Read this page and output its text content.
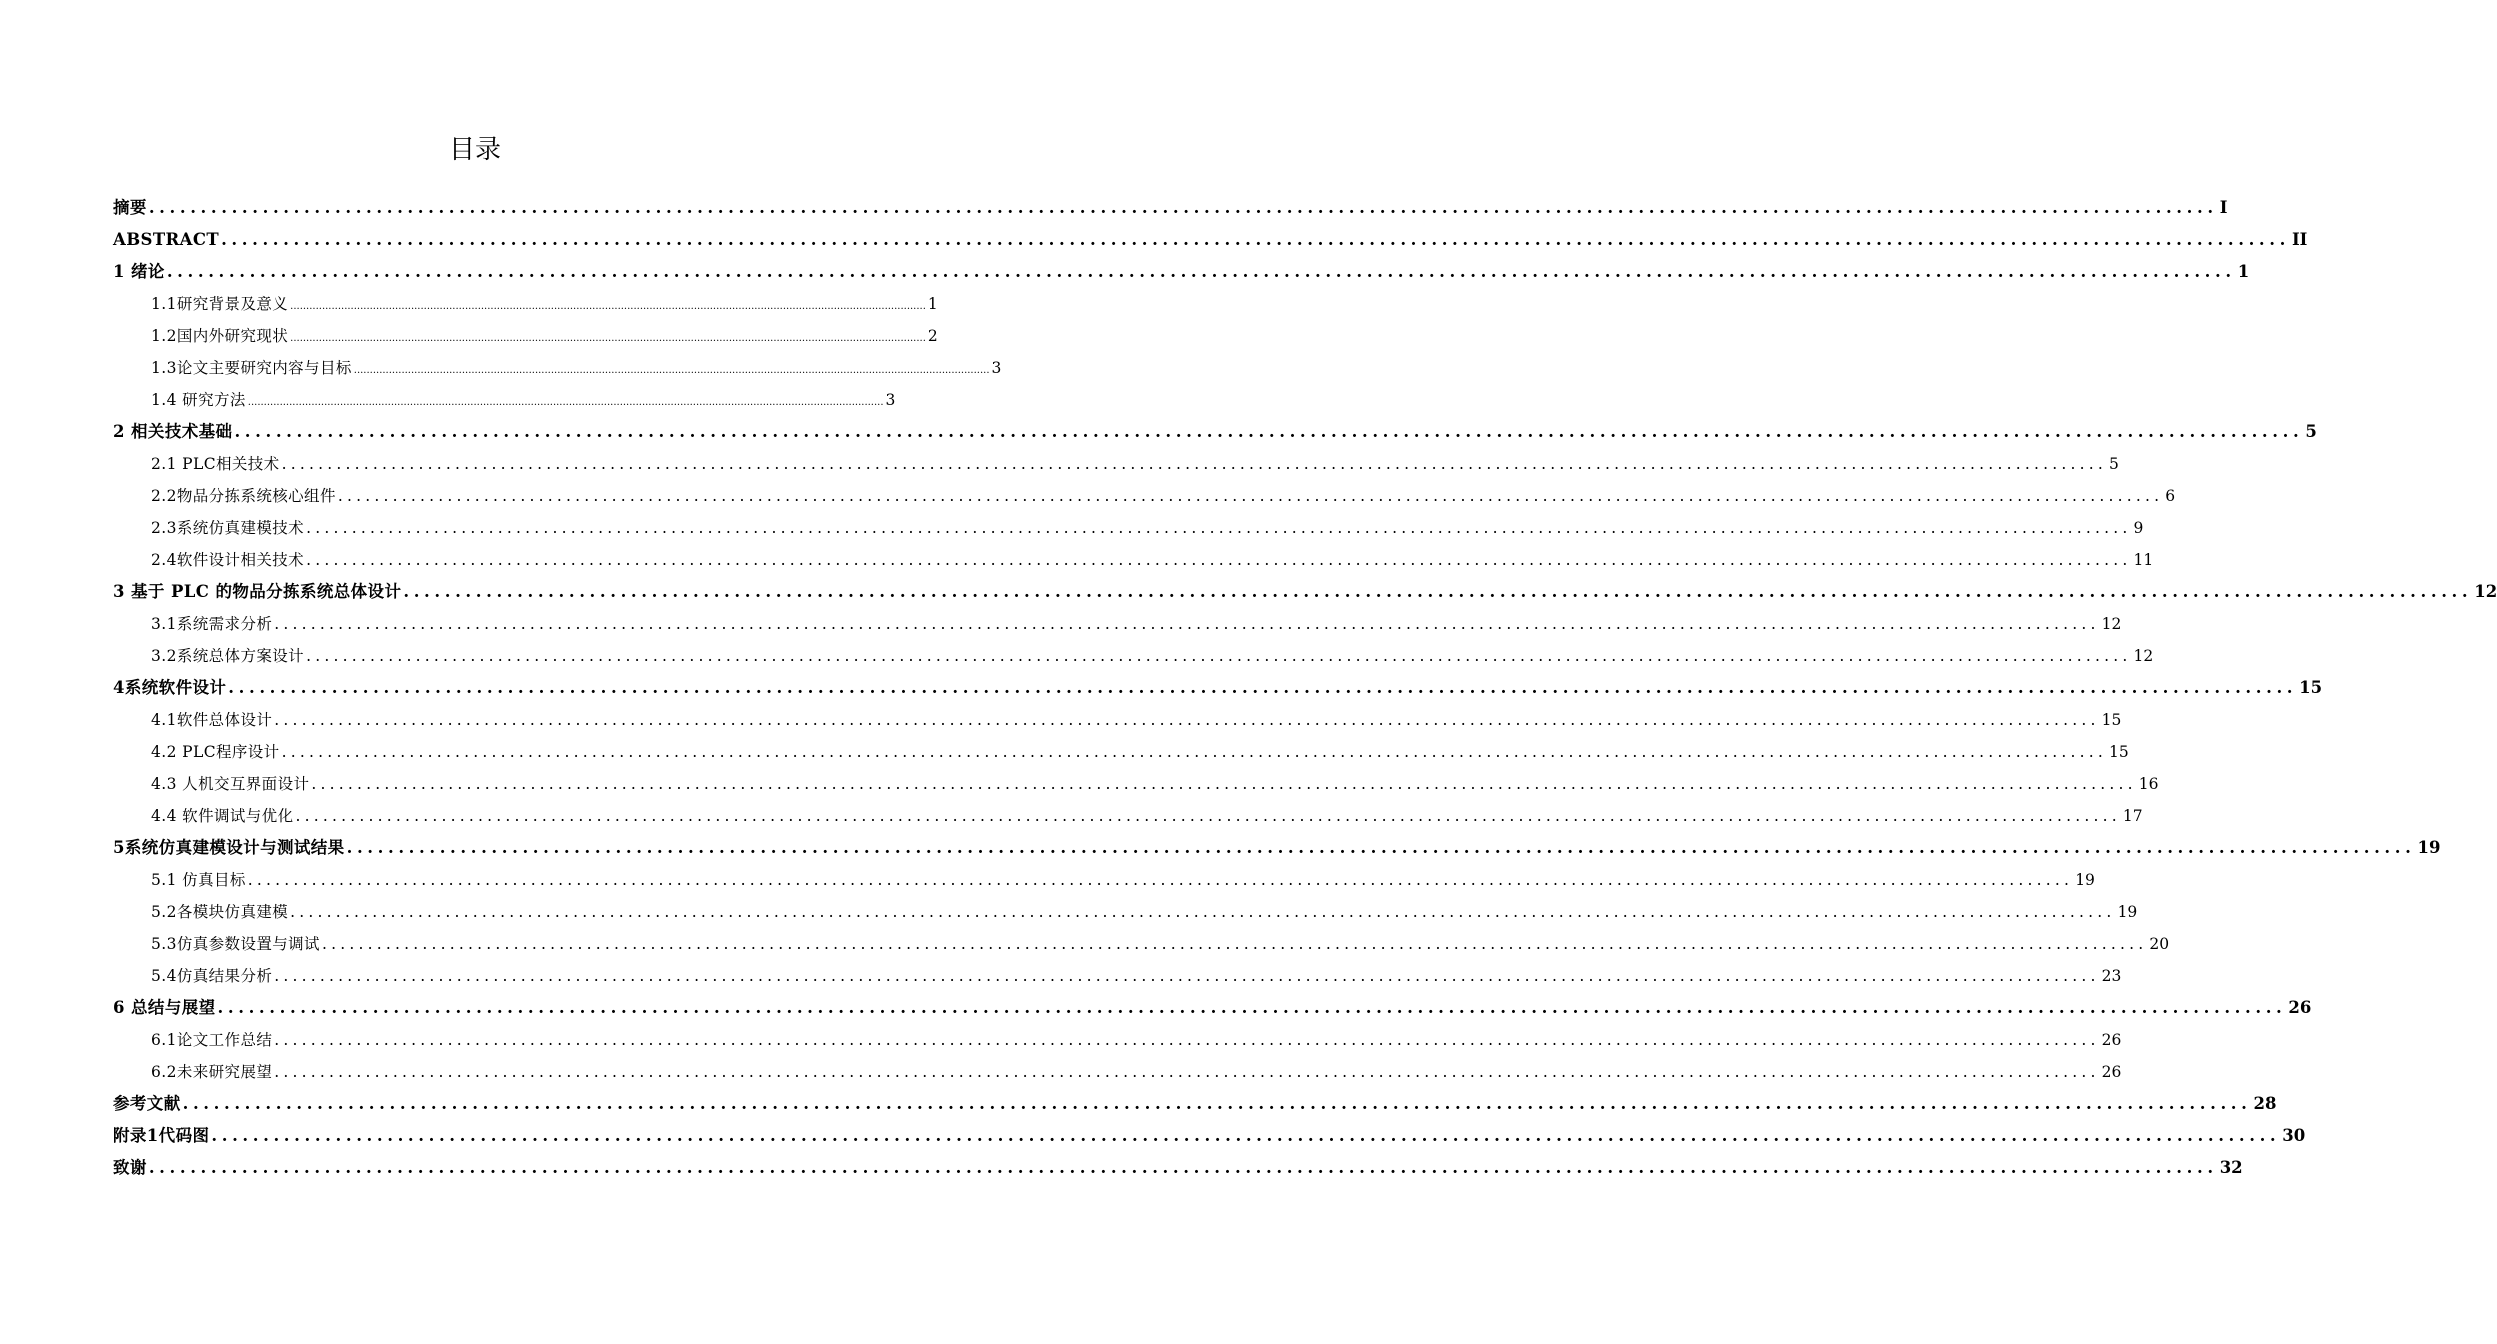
目录
摘要 ........................................................................................................................................................................................................ I
ABSTRACT ........................................................................................................................................................................................................ II
1 绪论 ........................................................................................................................................................................................................ 1
1.1研究背景及意义 ........................................................................................................................................................................................................ 1
1.2国内外研究现状 ........................................................................................................................................................................................................ 2
1.3论文主要研究内容与目标 ........................................................................................................................................................................................................ 3
1.4 研究方法 ........................................................................................................................................................................................................ 3
2 相关技术基础 ........................................................................................................................................................................................................ 5
2.1 PLC相关技术 ........................................................................................................................................................................................................ 5
2.2物品分拣系统核心组件 ........................................................................................................................................................................................................ 6
2.3系统仿真建模技术 ........................................................................................................................................................................................................ 9
2.4软件设计相关技术 ........................................................................................................................................................................................................ 11
3 基于 PLC 的物品分拣系统总体设计 ........................................................................................................................................................................................................ 12
3.1系统需求分析 ........................................................................................................................................................................................................ 12
3.2系统总体方案设计 ........................................................................................................................................................................................................ 12
4系统软件设计 ........................................................................................................................................................................................................ 15
4.1软件总体设计 ........................................................................................................................................................................................................ 15
4.2 PLC程序设计 ........................................................................................................................................................................................................ 15
4.3 人机交互界面设计 ........................................................................................................................................................................................................ 16
4.4 软件调试与优化 ........................................................................................................................................................................................................ 17
5系统仿真建模设计与测试结果 ........................................................................................................................................................................................................ 19
5.1 仿真目标 ........................................................................................................................................................................................................ 19
5.2各模块仿真建模 ........................................................................................................................................................................................................ 19
5.3仿真参数设置与调试 ........................................................................................................................................................................................................ 20
5.4仿真结果分析 ........................................................................................................................................................................................................ 23
6 总结与展望 ........................................................................................................................................................................................................ 26
6.1论文工作总结 ........................................................................................................................................................................................................ 26
6.2未来研究展望 ........................................................................................................................................................................................................ 26
参考文献 ........................................................................................................................................................................................................ 28
附录1代码图 ........................................................................................................................................................................................................ 30
致谢 ........................................................................................................................................................................................................ 32
